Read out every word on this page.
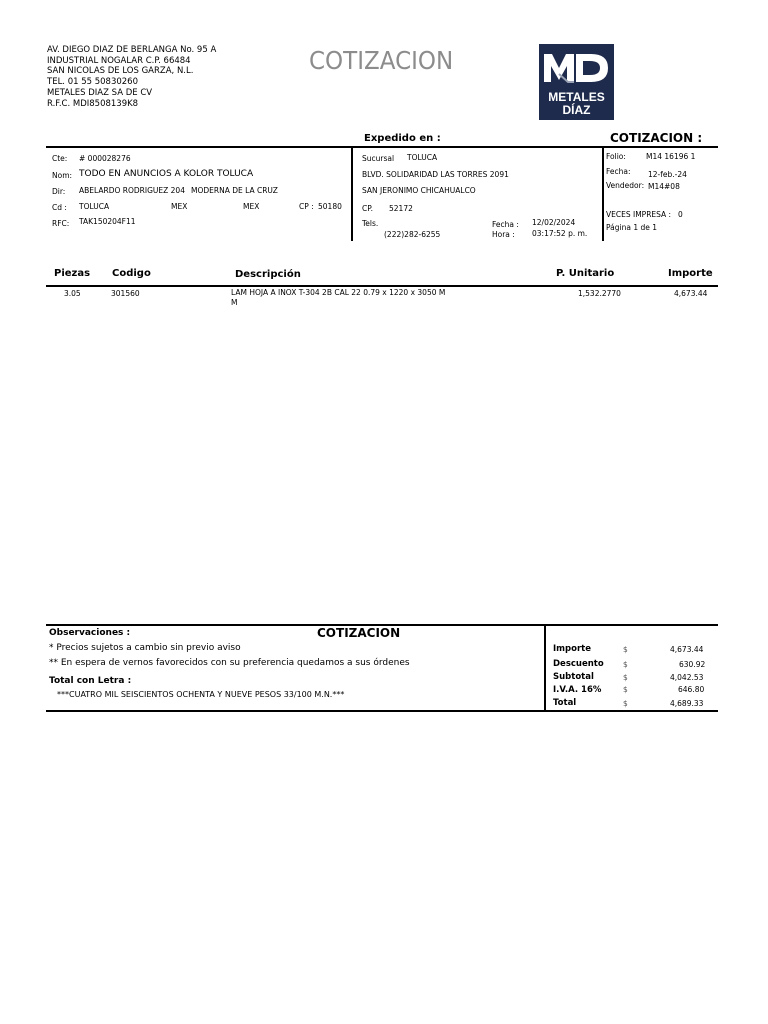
AV. DIEGO DIAZ DE BERLANGA No. 95 A
INDUSTRIAL NOGALAR C.P. 66484
SAN NICOLAS DE LOS GARZA, N.L.
TEL. 01 55 50830260
METALES DIAZ SA DE CV
R.F.C. MDI8508139K8
COTIZACION
METALES
DÍAZ
Expedido en :	COTIZACION :
Cte: # 000028276
Nom: TODO EN ANUNCIOS A KOLOR TOLUCA
Dir: ABELARDO RODRIGUEZ 204 MODERNA DE LA CRUZ
Cd : TOLUCA	MEX	MEX	CP : 50180
RFC: TAK150204F11
Sucursal TOLUCA
BLVD. SOLIDARIDAD LAS TORRES 2091
SAN JERONIMO CHICAHUALCO
CP. 52172
Tels.
(222)282-6255
Fecha : 12/02/2024
Hora : 03:17:52 p. m.
Folio:	M14 16196 1
Fecha: 12-feb.-24
Vendedor: M14#08
VECES IMPRESA : 0
Página 1 de 1
Piezas Codigo	Descripción	P. Unitario	Importe
3.05	301560	LAM HOJA A INOX T-304 2B CAL 22 0.79 x 1220 x 3050 M
M
1,532.2770	4,673.44
Observaciones :	COTIZACION
* Precios sujetos a cambio sin previo aviso
** En espera de vernos favorecidos con su preferencia quedamos a sus órdenes
Total con Letra :
***CUATRO MIL SEISCIENTOS OCHENTA Y NUEVE PESOS 33/100 M.N.***
Importe	$	4,673.44
Descuento	$	630.92
Subtotal	$	4,042.53
I.V.A. 16%	$	646.80
Total	$	4,689.33
